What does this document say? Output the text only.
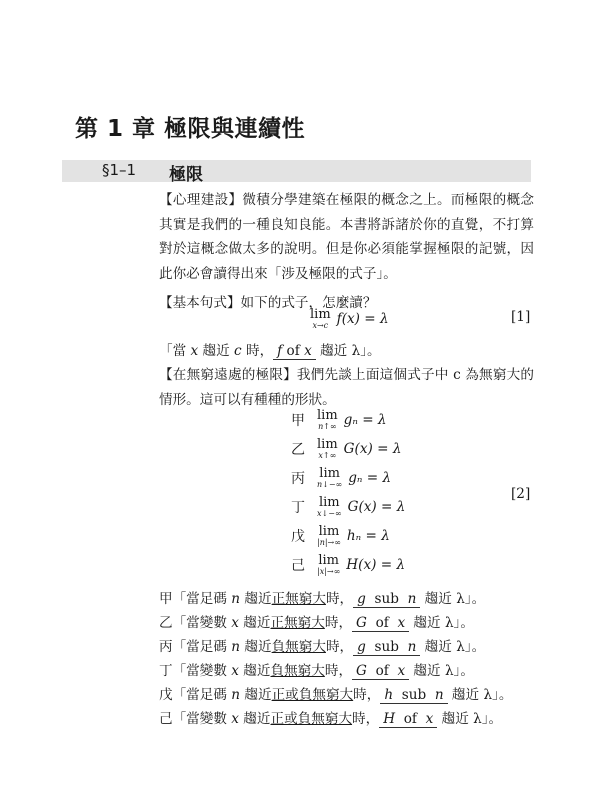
第 1 章 極限與連續性
§1–1 極限
【心理建設】微積分學建築在極限的概念之上。而極限的概念其實是我們的一種良知良能。本書將訴諸於你的直覺，不打算對於這概念做太多的說明。但是你必須能掌握極限的記號，因此你必會讀得出來「涉及極限的式子」。
【基本句式】如下的式子，怎麼讀？
lim
x→c f(x) = λ	[1]
「當 x 趨近 c 時， f of x 趨近 λ」。
【在無窮遠處的極限】我們先談上面這個式子中 c 為無窮大的情形。這可以有種種的形狀。
甲 lim
n↑∞ gₙ = λ
乙 lim
x↑∞ G(x) = λ
丙 lim
n↓−∞ gₙ = λ
丁 lim
x↓−∞ G(x) = λ
戊 lim
|n|→∞ hₙ = λ
己 lim
|x|→∞ H(x) = λ
[2]
甲「當足碼 n 趨近正無窮大時， g sub n 趨近 λ」。
乙「當變數 x 趨近正無窮大時， G of x 趨近 λ」。
丙「當足碼 n 趨近負無窮大時， g sub n 趨近 λ」。
丁「當變數 x 趨近負無窮大時， G of x 趨近 λ」。
戊「當足碼 n 趨近正或負無窮大時， h sub n 趨近 λ」。
己「當變數 x 趨近正或負無窮大時， H of x 趨近 λ」。
